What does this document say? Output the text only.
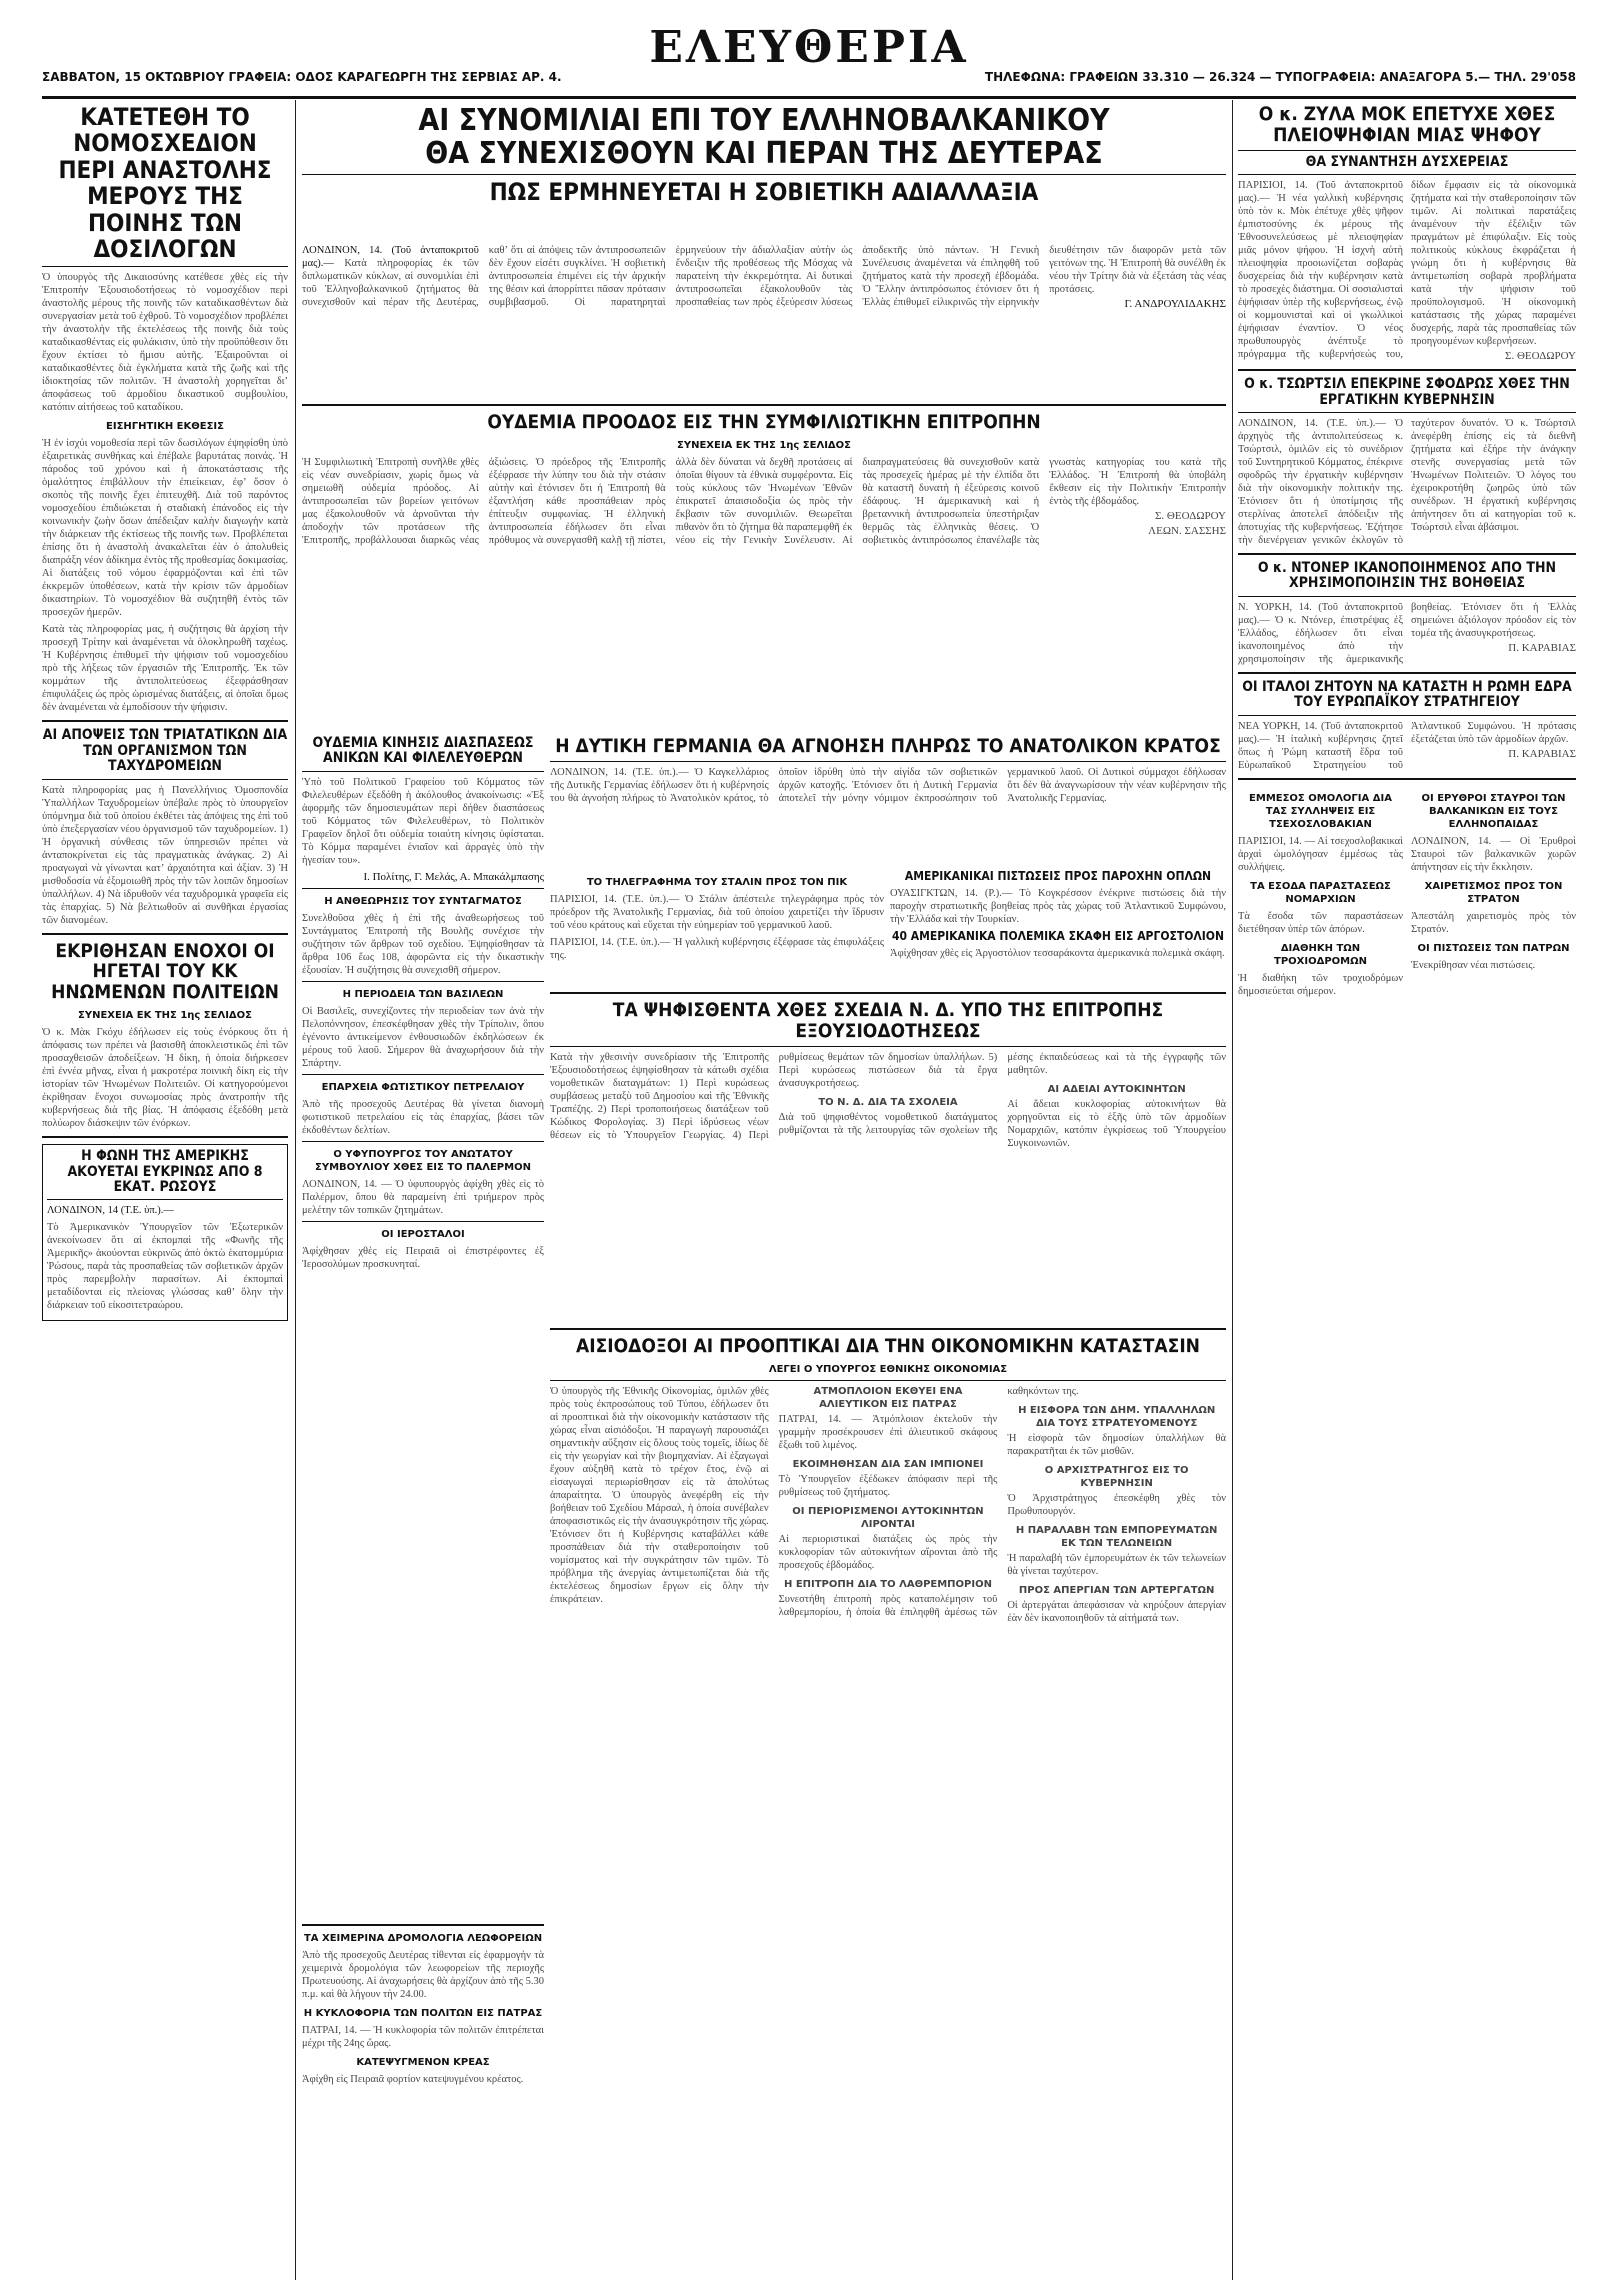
ΕΛΕΥΘΕΡΙΑ
ΣΑΒΒΑΤΟΝ, 15 ΟΚΤΩΒΡΙΟΥ ΓΡΑΦΕΙΑ: ΟΔΟΣ ΚΑΡΑΓΕΩΡΓΗ ΤΗΣ ΣΕΡΒΙΑΣ ΑΡ. 4.	ΤΗΛΕΦΩΝΑ: ΓΡΑΦΕΙΩΝ 33.310 — 26.324 — ΤΥΠΟΓΡΑΦΕΙΑ: ΑΝΑΞΑΓΟΡΑ 5.— ΤΗΛ. 29'058
ΚΑΤΕΤΕΘΗ ΤΟ ΝΟΜΟΣΧΕΔΙΟΝ ΠΕΡΙ ΑΝΑΣΤΟΛΗΣ ΜΕΡΟΥΣ ΤΗΣ ΠΟΙΝΗΣ ΤΩΝ ΔΟΣΙΛΟΓΩΝ
Ὁ ὑπουργὸς τῆς Δικαιοσύνης κατέθεσε χθὲς εἰς τὴν Ἐπιτροπὴν Ἐξουσιοδοτήσεως τὸ νομοσχέδιον περὶ ἀναστολῆς μέρους τῆς ποινῆς τῶν καταδικασθέντων διὰ συνεργασίαν μετὰ τοῦ ἐχθροῦ. Τὸ νομοσχέδιον προβλέπει τὴν ἀναστολὴν τῆς ἐκτελέσεως τῆς ποινῆς διὰ τοὺς καταδικασθέντας εἰς φυλάκισιν, ὑπὸ τὴν προϋπόθεσιν ὅτι ἔχουν ἐκτίσει τὸ ἥμισυ αὐτῆς. Ἐξαιροῦνται οἱ καταδικασθέντες διὰ ἐγκλήματα κατὰ τῆς ζωῆς καὶ τῆς ἰδιοκτησίας τῶν πολιτῶν. Ἡ ἀναστολὴ χορηγεῖται δι’ ἀποφάσεως τοῦ ἁρμοδίου δικαστικοῦ συμβουλίου, κατόπιν αἰτήσεως τοῦ καταδίκου.
ΕΙΣΗΓΗΤΙΚΗ ΕΚΘΕΣΙΣ
Ἡ ἐν ἰσχύι νομοθεσία περὶ τῶν δωσιλόγων ἐψηφίσθη ὑπὸ ἐξαιρετικὰς συνθήκας καὶ ἐπέβαλε βαρυτάτας ποινάς. Ἡ πάροδος τοῦ χρόνου καὶ ἡ ἀποκατάστασις τῆς ὁμαλότητος ἐπιβάλλουν τὴν ἐπιείκειαν, ἐφ’ ὅσον ὁ σκοπὸς τῆς ποινῆς ἔχει ἐπιτευχθῆ. Διὰ τοῦ παρόντος νομοσχεδίου ἐπιδιώκεται ἡ σταδιακὴ ἐπάνοδος εἰς τὴν κοινωνικὴν ζωὴν ὅσων ἀπέδειξαν καλὴν διαγωγὴν κατὰ τὴν διάρκειαν τῆς ἐκτίσεως τῆς ποινῆς των. Προβλέπεται ἐπίσης ὅτι ἡ ἀναστολὴ ἀνακαλεῖται ἐὰν ὁ ἀπολυθεὶς διαπράξη νέον ἀδίκημα ἐντὸς τῆς προθεσμίας δοκιμασίας. Αἱ διατάξεις τοῦ νόμου ἐφαρμόζονται καὶ ἐπὶ τῶν ἐκκρεμῶν ὑποθέσεων, κατὰ τὴν κρίσιν τῶν ἁρμοδίων δικαστηρίων. Τὸ νομοσχέδιον θὰ συζητηθῆ ἐντὸς τῶν προσεχῶν ἡμερῶν.
Κατὰ τὰς πληροφορίας μας, ἡ συζήτησις θὰ ἀρχίση τὴν προσεχῆ Τρίτην καὶ ἀναμένεται νὰ ὁλοκληρωθῆ ταχέως. Ἡ Κυβέρνησις ἐπιθυμεῖ τὴν ψήφισιν τοῦ νομοσχεδίου πρὸ τῆς λήξεως τῶν ἐργασιῶν τῆς Ἐπιτροπῆς. Ἐκ τῶν κομμάτων τῆς ἀντιπολιτεύσεως ἐξεφράσθησαν ἐπιφυλάξεις ὡς πρὸς ὡρισμένας διατάξεις, αἱ ὁποῖαι ὅμως δὲν ἀναμένεται νὰ ἐμποδίσουν τὴν ψήφισιν.
ΑΙ ΑΠΟΨΕΙΣ ΤΩΝ ΤΡΙΑΤΑΤΙΚΩΝ ΔΙΑ ΤΩΝ ΟΡΓΑΝΙΣΜΟΝ ΤΩΝ ΤΑΧΥΔΡΟΜΕΙΩΝ
Κατὰ πληροφορίας μας ἡ Πανελλήνιος Ὁμοσπονδία Ὑπαλλήλων Ταχυδρομείων ὑπέβαλε πρὸς τὸ ὑπουργεῖον ὑπόμνημα διὰ τοῦ ὁποίου ἐκθέτει τὰς ἀπόψεις της ἐπὶ τοῦ ὑπὸ ἐπεξεργασίαν νέου ὀργανισμοῦ τῶν ταχυδρομείων. 1) Ἡ ὀργανικὴ σύνθεσις τῶν ὑπηρεσιῶν πρέπει νὰ ἀνταποκρίνεται εἰς τὰς πραγματικὰς ἀνάγκας. 2) Αἱ προαγωγαὶ νὰ γίνωνται κατ’ ἀρχαιότητα καὶ ἀξίαν. 3) Ἡ μισθοδοσία νὰ ἐξομοιωθῆ πρὸς τὴν τῶν λοιπῶν δημοσίων ὑπαλλήλων. 4) Νὰ ἱδρυθοῦν νέα ταχυδρομικὰ γραφεῖα εἰς τὰς ἐπαρχίας. 5) Νὰ βελτιωθοῦν αἱ συνθῆκαι ἐργασίας τῶν διανομέων.
ΕΚΡΙΘΗΣΑΝ ΕΝΟΧΟΙ ΟΙ ΗΓΕΤΑΙ ΤΟΥ ΚΚ ΗΝΩΜΕΝΩΝ ΠΟΛΙΤΕΙΩΝ
ΣΥΝΕΧΕΙΑ ΕΚ ΤΗΣ 1ης ΣΕΛΙΔΟΣ
Ὁ κ. Μὰκ Γκόχυ ἐδήλωσεν εἰς τοὺς ἐνόρκους ὅτι ἡ ἀπόφασις των πρέπει νὰ βασισθῆ ἀποκλειστικῶς ἐπὶ τῶν προσαχθεισῶν ἀποδείξεων. Ἡ δίκη, ἡ ὁποία διήρκεσεν ἐπὶ ἐννέα μῆνας, εἶναι ἡ μακροτέρα ποινικὴ δίκη εἰς τὴν ἱστορίαν τῶν Ἡνωμένων Πολιτειῶν. Οἱ κατηγορούμενοι ἐκρίθησαν ἔνοχοι συνωμοσίας πρὸς ἀνατροπὴν τῆς κυβερνήσεως διὰ τῆς βίας. Ἡ ἀπόφασις ἐξεδόθη μετὰ πολύωρον διάσκεψιν τῶν ἐνόρκων.
Η ΦΩΝΗ ΤΗΣ ΑΜΕΡΙΚΗΣ ΑΚΟΥΕΤΑΙ ΕΥΚΡΙΝΩΣ ΑΠΟ 8 ΕΚΑΤ. ΡΩΣΟΥΣ
ΛΟΝΔΙΝΟΝ, 14 (Τ.Ε. ὑπ.).—
Τὸ Ἀμερικανικὸν Ὑπουργεῖον τῶν Ἐξωτερικῶν ἀνεκοίνωσεν ὅτι αἱ ἐκπομπαὶ τῆς «Φωνῆς τῆς Ἀμερικῆς» ἀκούονται εὐκρινῶς ἀπὸ ὀκτὼ ἑκατομμύρια Ῥώσους, παρὰ τὰς προσπαθείας τῶν σοβιετικῶν ἀρχῶν πρὸς παρεμβολὴν παρασίτων. Αἱ ἐκπομπαὶ μεταδίδονται εἰς πλείονας γλώσσας καθ’ ὅλην τὴν διάρκειαν τοῦ εἰκοσιτετραώρου.
ΑΙ ΣΥΝΟΜΙΛΙΑΙ ΕΠΙ ΤΟΥ ΕΛΛΗΝΟΒΑΛΚΑΝΙΚΟΥ
ΘΑ ΣΥΝΕΧΙΣΘΟΥΝ ΚΑΙ ΠΕΡΑΝ ΤΗΣ ΔΕΥΤΕΡΑΣ
ΠΩΣ ΕΡΜΗΝΕΥΕΤΑΙ Η ΣΟΒΙΕΤΙΚΗ ΑΔΙΑΛΛΑΞΙΑ
ΛΟΝΔΙΝΟΝ, 14. (Τοῦ ἀνταποκριτοῦ μας).— Κατὰ πληροφορίας ἐκ τῶν διπλωματικῶν κύκλων, αἱ συνομιλίαι ἐπὶ τοῦ Ἑλληνοβαλκανικοῦ ζητήματος θὰ συνεχισθοῦν καὶ πέραν τῆς Δευτέρας, καθ’ ὅτι αἱ ἀπόψεις τῶν ἀντιπροσωπειῶν δὲν ἔχουν εἰσέτι συγκλίνει. Ἡ σοβιετικὴ ἀντιπροσωπεία ἐπιμένει εἰς τὴν ἀρχικήν της θέσιν καὶ ἀπορρίπτει πᾶσαν πρότασιν συμβιβασμοῦ. Οἱ παρατηρηταὶ ἑρμηνεύουν τὴν ἀδιαλλαξίαν αὐτὴν ὡς ἔνδειξιν τῆς προθέσεως τῆς Μόσχας νὰ παρατείνη τὴν ἐκκρεμότητα. Αἱ δυτικαὶ ἀντιπροσωπεῖαι ἐξακολουθοῦν τὰς προσπαθείας των πρὸς ἐξεύρεσιν λύσεως ἀποδεκτῆς ὑπὸ πάντων. Ἡ Γενικὴ Συνέλευσις ἀναμένεται νὰ ἐπιληφθῆ τοῦ ζητήματος κατὰ τὴν προσεχῆ ἑβδομάδα. Ὁ Ἕλλην ἀντιπρόσωπος ἐτόνισεν ὅτι ἡ Ἑλλὰς ἐπιθυμεῖ εἰλικρινῶς τὴν εἰρηνικὴν διευθέτησιν τῶν διαφορῶν μετὰ τῶν γειτόνων της. Ἡ Ἐπιτροπὴ θὰ συνέλθη ἐκ νέου τὴν Τρίτην διὰ νὰ ἐξετάση τὰς νέας προτάσεις.
Γ. ΑΝΔΡΟΥΛΙΔΑΚΗΣ
ΟΥΔΕΜΙΑ ΠΡΟΟΔΟΣ ΕΙΣ ΤΗΝ ΣΥΜΦΙΛΙΩΤΙΚΗΝ ΕΠΙΤΡΟΠΗΝ
ΣΥΝΕΧΕΙΑ ΕΚ ΤΗΣ 1ης ΣΕΛΙΔΟΣ
Ἡ Συμφιλιωτικὴ Ἐπιτροπὴ συνῆλθε χθὲς εἰς νέαν συνεδρίασιν, χωρὶς ὅμως νὰ σημειωθῆ οὐδεμία πρόοδος. Αἱ ἀντιπροσωπεῖαι τῶν βορείων γειτόνων μας ἐξακολουθοῦν νὰ ἀρνοῦνται τὴν ἀποδοχὴν τῶν προτάσεων τῆς Ἐπιτροπῆς, προβάλλουσαι διαρκῶς νέας ἀξιώσεις. Ὁ πρόεδρος τῆς Ἐπιτροπῆς ἐξέφρασε τὴν λύπην του διὰ τὴν στάσιν αὐτὴν καὶ ἐτόνισεν ὅτι ἡ Ἐπιτροπὴ θὰ ἐξαντλήση κάθε προσπάθειαν πρὸς ἐπίτευξιν συμφωνίας. Ἡ ἑλληνικὴ ἀντιπροσωπεία ἐδήλωσεν ὅτι εἶναι πρόθυμος νὰ συνεργασθῆ καλῇ τῇ πίστει, ἀλλὰ δὲν δύναται νὰ δεχθῆ προτάσεις αἱ ὁποῖαι θίγουν τὰ ἐθνικὰ συμφέροντα. Εἰς τοὺς κύκλους τῶν Ἡνωμένων Ἐθνῶν ἐπικρατεῖ ἀπαισιοδοξία ὡς πρὸς τὴν ἔκβασιν τῶν συνομιλιῶν. Θεωρεῖται πιθανὸν ὅτι τὸ ζήτημα θὰ παραπεμφθῆ ἐκ νέου εἰς τὴν Γενικὴν Συνέλευσιν. Αἱ διαπραγματεύσεις θὰ συνεχισθοῦν κατὰ τὰς προσεχεῖς ἡμέρας μὲ τὴν ἐλπίδα ὅτι θὰ καταστῆ δυνατὴ ἡ ἐξεύρεσις κοινοῦ ἐδάφους. Ἡ ἀμερικανικὴ καὶ ἡ βρεταννικὴ ἀντιπροσωπεία ὑπεστήριξαν θερμῶς τὰς ἑλληνικὰς θέσεις. Ὁ σοβιετικὸς ἀντιπρόσωπος ἐπανέλαβε τὰς γνωστὰς κατηγορίας του κατὰ τῆς Ἑλλάδος. Ἡ Ἐπιτροπὴ θὰ ὑποβάλη ἔκθεσιν εἰς τὴν Πολιτικὴν Ἐπιτροπὴν ἐντὸς τῆς ἑβδομάδος.
Σ. ΘΕΟΔΩΡΟΥ
ΛΕΩΝ. ΣΑΣΣΗΣ
ΟΥΔΕΜΙΑ ΚΙΝΗΣΙΣ ΔΙΑΣΠΑΣΕΩΣ ΑΝΙΚΩΝ ΚΑΙ ΦΙΛΕΛΕΥΘΕΡΩΝ
Ὑπὸ τοῦ Πολιτικοῦ Γραφείου τοῦ Κόμματος τῶν Φιλελευθέρων ἐξεδόθη ἡ ἀκόλουθος ἀνακοίνωσις: «Ἐξ ἀφορμῆς τῶν δημοσιευμάτων περὶ δήθεν διασπάσεως τοῦ Κόμματος τῶν Φιλελευθέρων, τὸ Πολιτικὸν Γραφεῖον δηλοῖ ὅτι οὐδεμία τοιαύτη κίνησις ὑφίσταται. Τὸ Κόμμα παραμένει ἑνιαῖον καὶ ἀρραγὲς ὑπὸ τὴν ἡγεσίαν του».
I. Πολίτης, Γ. Μελάς, Α. Μπακάλμπασης
Η ΑΝΘΕΩΡΗΣΙΣ ΤΟΥ ΣΥΝΤΑΓΜΑΤΟΣ
Συνελθοῦσα χθὲς ἡ ἐπὶ τῆς ἀναθεωρήσεως τοῦ Συντάγματος Ἐπιτροπὴ τῆς Βουλῆς συνέχισε τὴν συζήτησιν τῶν ἄρθρων τοῦ σχεδίου. Ἐψηφίσθησαν τὰ ἄρθρα 106 ἕως 108, ἀφορῶντα εἰς τὴν δικαστικὴν ἐξουσίαν. Ἡ συζήτησις θὰ συνεχισθῆ σήμερον.
Η ΠΕΡΙΟΔΕΙΑ ΤΩΝ ΒΑΣΙΛΕΩΝ
Οἱ Βασιλεῖς, συνεχίζοντες τὴν περιοδείαν των ἀνὰ τὴν Πελοπόννησον, ἐπεσκέφθησαν χθὲς τὴν Τρίπολιν, ὅπου ἐγένοντο ἀντικείμενον ἐνθουσιωδῶν ἐκδηλώσεων ἐκ μέρους τοῦ λαοῦ. Σήμερον θὰ ἀναχωρήσουν διὰ τὴν Σπάρτην.
ΕΠΑΡΧΕΙΑ ΦΩΤΙΣΤΙΚΟΥ ΠΕΤΡΕΛΑΙΟΥ
Ἀπὸ τῆς προσεχοῦς Δευτέρας θὰ γίνεται διανομὴ φωτιστικοῦ πετρελαίου εἰς τὰς ἐπαρχίας, βάσει τῶν ἐκδοθέντων δελτίων.
Ο ΥΦΥΠΟΥΡΓΟΣ ΤΟΥ ΑΝΩΤΑΤΟΥ ΣΥΜΒΟΥΛΙΟΥ ΧΘΕΣ ΕΙΣ ΤΟ ΠΑΛΕΡΜΟΝ
ΛΟΝΔΙΝΟΝ, 14. — Ὁ ὑφυπουργὸς ἀφίχθη χθὲς εἰς τὸ Παλέρμον, ὅπου θὰ παραμείνη ἐπὶ τριήμερον πρὸς μελέτην τῶν τοπικῶν ζητημάτων.
ΟΙ ΙΕΡΟΣΤΑΛΟΙ
Ἀφίχθησαν χθὲς εἰς Πειραιᾶ οἱ ἐπιστρέφοντες ἐξ Ἱεροσολύμων προσκυνηταί.
Η ΔΥΤΙΚΗ ΓΕΡΜΑΝΙΑ ΘΑ ΑΓΝΟΗΣΗ ΠΛΗΡΩΣ ΤΟ ΑΝΑΤΟΛΙΚΟΝ ΚΡΑΤΟΣ
ΛΟΝΔΙΝΟΝ, 14. (Τ.Ε. ὑπ.).— Ὁ Καγκελλάριος τῆς Δυτικῆς Γερμανίας ἐδήλωσεν ὅτι ἡ κυβέρνησίς του θὰ ἀγνοήση πλήρως τὸ Ἀνατολικὸν κράτος, τὸ ὁποῖον ἱδρύθη ὑπὸ τὴν αἰγίδα τῶν σοβιετικῶν ἀρχῶν κατοχῆς. Ἐτόνισεν ὅτι ἡ Δυτικὴ Γερμανία ἀποτελεῖ τὴν μόνην νόμιμον ἐκπροσώπησιν τοῦ γερμανικοῦ λαοῦ. Οἱ Δυτικοὶ σύμμαχοι ἐδήλωσαν ὅτι δὲν θὰ ἀναγνωρίσουν τὴν νέαν κυβέρνησιν τῆς Ἀνατολικῆς Γερμανίας.
ΤΟ ΤΗΛΕΓΡΑΦΗΜΑ ΤΟΥ ΣΤΑΛΙΝ ΠΡΟΣ ΤΟΝ ΠΙΚ
ΠΑΡΙΣΙΟΙ, 14. (Τ.Ε. ὑπ.).— Ὁ Στάλιν ἀπέστειλε τηλεγράφημα πρὸς τὸν πρόεδρον τῆς Ἀνατολικῆς Γερμανίας, διὰ τοῦ ὁποίου χαιρετίζει τὴν ἵδρυσιν τοῦ νέου κράτους καὶ εὔχεται τὴν εὐημερίαν τοῦ γερμανικοῦ λαοῦ.
ΠΑΡΙΣΙΟΙ, 14. (Τ.Ε. ὑπ.).— Ἡ γαλλικὴ κυβέρνησις ἐξέφρασε τὰς ἐπιφυλάξεις της.
ΑΜΕΡΙΚΑΝΙΚΑΙ ΠΙΣΤΩΣΕΙΣ ΠΡΟΣ ΠΑΡΟΧΗΝ ΟΠΛΩΝ
ΟΥΑΣΙΓΚΤΩΝ, 14. (Ρ.).— Τὸ Κογκρέσσον ἐνέκρινε πιστώσεις διὰ τὴν παροχὴν στρατιωτικῆς βοηθείας πρὸς τὰς χώρας τοῦ Ἀτλαντικοῦ Συμφώνου, τὴν Ἑλλάδα καὶ τὴν Τουρκίαν.
40 ΑΜΕΡΙΚΑΝΙΚΑ ΠΟΛΕΜΙΚΑ ΣΚΑΦΗ ΕΙΣ ΑΡΓΟΣΤΟΛΙΟΝ
Ἀφίχθησαν χθὲς εἰς Ἀργοστόλιον τεσσαράκοντα ἀμερικανικὰ πολεμικὰ σκάφη.
ΤΑ ΨΗΦΙΣΘΕΝΤΑ ΧΘΕΣ ΣΧΕΔΙΑ Ν. Δ. ΥΠΟ ΤΗΣ ΕΠΙΤΡΟΠΗΣ ΕΞΟΥΣΙΟΔΟΤΗΣΕΩΣ
Κατὰ τὴν χθεσινὴν συνεδρίασιν τῆς Ἐπιτροπῆς Ἐξουσιοδοτήσεως ἐψηφίσθησαν τὰ κάτωθι σχέδια νομοθετικῶν διαταγμάτων: 1) Περὶ κυρώσεως συμβάσεως μεταξὺ τοῦ Δημοσίου καὶ τῆς Ἐθνικῆς Τραπέζης. 2) Περὶ τροποποιήσεως διατάξεων τοῦ Κώδικος Φορολογίας. 3) Περὶ ἱδρύσεως νέων θέσεων εἰς τὸ Ὑπουργεῖον Γεωργίας. 4) Περὶ ρυθμίσεως θεμάτων τῶν δημοσίων ὑπαλλήλων. 5) Περὶ κυρώσεως πιστώσεων διὰ τὰ ἔργα ἀνασυγκροτήσεως.
ΤΟ Ν. Δ. ΔΙΑ ΤΑ ΣΧΟΛΕΙΑ
Διὰ τοῦ ψηφισθέντος νομοθετικοῦ διατάγματος ρυθμίζονται τὰ τῆς λειτουργίας τῶν σχολείων τῆς μέσης ἐκπαιδεύσεως καὶ τὰ τῆς ἐγγραφῆς τῶν μαθητῶν.
ΑΙ ΑΔΕΙΑΙ ΑΥΤΟΚΙΝΗΤΩΝ
Αἱ ἄδειαι κυκλοφορίας αὐτοκινήτων θὰ χορηγοῦνται εἰς τὸ ἑξῆς ὑπὸ τῶν ἁρμοδίων Νομαρχιῶν, κατόπιν ἐγκρίσεως τοῦ Ὑπουργείου Συγκοινωνιῶν.
ΑΙΣΙΟΔΟΞΟΙ ΑΙ ΠΡΟΟΠΤΙΚΑΙ ΔΙΑ ΤΗΝ ΟΙΚΟΝΟΜΙΚΗΝ ΚΑΤΑΣΤΑΣΙΝ
ΛΕΓΕΙ Ο ΥΠΟΥΡΓΟΣ ΕΘΝΙΚΗΣ ΟΙΚΟΝΟΜΙΑΣ
Ὁ ὑπουργὸς τῆς Ἐθνικῆς Οἰκονομίας, ὁμιλῶν χθὲς πρὸς τοὺς ἐκπροσώπους τοῦ Τύπου, ἐδήλωσεν ὅτι αἱ προοπτικαὶ διὰ τὴν οἰκονομικὴν κατάστασιν τῆς χώρας εἶναι αἰσιόδοξοι. Ἡ παραγωγὴ παρουσιάζει σημαντικὴν αὔξησιν εἰς ὅλους τοὺς τομεῖς, ἰδίως δὲ εἰς τὴν γεωργίαν καὶ τὴν βιομηχανίαν. Αἱ ἐξαγωγαὶ ἔχουν αὐξηθῆ κατὰ τὸ τρέχον ἔτος, ἐνῷ αἱ εἰσαγωγαὶ περιωρίσθησαν εἰς τὰ ἀπολύτως ἀπαραίτητα. Ὁ ὑπουργὸς ἀνεφέρθη εἰς τὴν βοήθειαν τοῦ Σχεδίου Μάρσαλ, ἡ ὁποία συνέβαλεν ἀποφασιστικῶς εἰς τὴν ἀνασυγκρότησιν τῆς χώρας. Ἐτόνισεν ὅτι ἡ Κυβέρνησις καταβάλλει κάθε προσπάθειαν διὰ τὴν σταθεροποίησιν τοῦ νομίσματος καὶ τὴν συγκράτησιν τῶν τιμῶν. Τὸ πρόβλημα τῆς ἀνεργίας ἀντιμετωπίζεται διὰ τῆς ἐκτελέσεως δημοσίων ἔργων εἰς ὅλην τὴν ἐπικράτειαν.
ΑΤΜΟΠΛΟΙΟΝ ΕΚΘΥΕΙ ΕΝΑ ΑΛΙΕΥΤΙΚΟΝ ΕΙΣ ΠΑΤΡΑΣ
ΠΑΤΡΑΙ, 14. — Ἀτμόπλοιον ἐκτελοῦν τὴν γραμμὴν προσέκρουσεν ἐπὶ ἁλιευτικοῦ σκάφους ἔξωθι τοῦ λιμένος.
ΕΚΟΙΜΗΘΗΣΑΝ ΔΙΑ ΣΑΝ ΙΜΠΙΟΝΕΙ
Τὸ Ὑπουργεῖον ἐξέδωκεν ἀπόφασιν περὶ τῆς ρυθμίσεως τοῦ ζητήματος.
ΟΙ ΠΕΡΙΟΡΙΣΜΕΝΟΙ ΑΥΤΟΚΙΝΗΤΩΝ ΛΙΡΟΝΤΑΙ
Αἱ περιοριστικαὶ διατάξεις ὡς πρὸς τὴν κυκλοφορίαν τῶν αὐτοκινήτων αἴρονται ἀπὸ τῆς προσεχοῦς ἑβδομάδος.
Η ΕΠΙΤΡΟΠΗ ΔΙΑ ΤΟ ΛΑΘΡΕΜΠΟΡΙΟΝ
Συνεστήθη ἐπιτροπὴ πρὸς καταπολέμησιν τοῦ λαθρεμπορίου, ἡ ὁποία θὰ ἐπιληφθῆ ἀμέσως τῶν καθηκόντων της.
Η ΕΙΣΦΟΡΑ ΤΩΝ ΔΗΜ. ΥΠΑΛΛΗΛΩΝ ΔΙΑ ΤΟΥΣ ΣΤΡΑΤΕΥΟΜΕΝΟΥΣ
Ἡ εἰσφορὰ τῶν δημοσίων ὑπαλλήλων θὰ παρακρατῆται ἐκ τῶν μισθῶν.
Ο ΑΡΧΙΣΤΡΑΤΗΓΟΣ ΕΙΣ ΤΟ ΚΥΒΕΡΝΗΣΙΝ
Ὁ Ἀρχιστράτηγος ἐπεσκέφθη χθὲς τὸν Πρωθυπουργόν.
Η ΠΑΡΑΛΑΒΗ ΤΩΝ ΕΜΠΟΡΕΥΜΑΤΩΝ ΕΚ ΤΩΝ ΤΕΛΩΝΕΙΩΝ
Ἡ παραλαβὴ τῶν ἐμπορευμάτων ἐκ τῶν τελωνείων θὰ γίνεται ταχύτερον.
ΠΡΟΣ ΑΠΕΡΓΙΑΝ ΤΩΝ ΑΡΤΕΡΓΑΤΩΝ
Οἱ ἀρτεργάται ἀπεφάσισαν νὰ κηρύξουν ἀπεργίαν ἐὰν δὲν ἱκανοποιηθοῦν τὰ αἰτήματά των.
ΤΑ ΧΕΙΜΕΡΙΝΑ ΔΡΟΜΟΛΟΓΙΑ ΛΕΩΦΟΡΕΙΩΝ
Ἀπὸ τῆς προσεχοῦς Δευτέρας τίθενται εἰς ἐφαρμογὴν τὰ χειμερινὰ δρομολόγια τῶν λεωφορείων τῆς περιοχῆς Πρωτευούσης. Αἱ ἀναχωρήσεις θὰ ἀρχίζουν ἀπὸ τῆς 5.30 π.μ. καὶ θὰ λήγουν τὴν 24.00.
Η ΚΥΚΛΟΦΟΡΙΑ ΤΩΝ ΠΟΛΙΤΩΝ ΕΙΣ ΠΑΤΡΑΣ
ΠΑΤΡΑΙ, 14. — Ἡ κυκλοφορία τῶν πολιτῶν ἐπιτρέπεται μέχρι τῆς 24ης ὥρας.
ΚΑΤΕΨΥΓΜΕΝΟΝ ΚΡΕΑΣ
Ἀφίχθη εἰς Πειραιᾶ φορτίον κατεψυγμένου κρέατος.
Ο κ. ΖΥΛΑ ΜΟΚ ΕΠΕΤΥΧΕ ΧΘΕΣ ΠΛΕΙΟΨΗΦΙΑΝ ΜΙΑΣ ΨΗΦΟΥ
ΘΑ ΣΥΝΑΝΤΗΣΗ ΔΥΣΧΕΡΕΙΑΣ
ΠΑΡΙΣΙΟΙ, 14. (Τοῦ ἀνταποκριτοῦ μας).— Ἡ νέα γαλλικὴ κυβέρνησις ὑπὸ τὸν κ. Μὸκ ἐπέτυχε χθὲς ψῆφον ἐμπιστοσύνης ἐκ μέρους τῆς Ἐθνοσυνελεύσεως μὲ πλειοψηφίαν μιᾶς μόνον ψήφου. Ἡ ἰσχνὴ αὐτὴ πλειοψηφία προοιωνίζεται σοβαρὰς δυσχερείας διὰ τὴν κυβέρνησιν κατὰ τὸ προσεχὲς διάστημα. Οἱ σοσιαλισταὶ ἐψήφισαν ὑπὲρ τῆς κυβερνήσεως, ἐνῷ οἱ κομμουνισταὶ καὶ οἱ γκωλλικοὶ ἐψήφισαν ἐναντίον. Ὁ νέος πρωθυπουργὸς ἀνέπτυξε τὸ πρόγραμμα τῆς κυβερνήσεώς του, δίδων ἔμφασιν εἰς τὰ οἰκονομικὰ ζητήματα καὶ τὴν σταθεροποίησιν τῶν τιμῶν. Αἱ πολιτικαὶ παρατάξεις ἀναμένουν τὴν ἐξέλιξιν τῶν πραγμάτων μὲ ἐπιφύλαξιν. Εἰς τοὺς πολιτικοὺς κύκλους ἐκφράζεται ἡ γνώμη ὅτι ἡ κυβέρνησις θὰ ἀντιμετωπίση σοβαρὰ προβλήματα κατὰ τὴν ψήφισιν τοῦ προϋπολογισμοῦ. Ἡ οἰκονομικὴ κατάστασις τῆς χώρας παραμένει δυσχερής, παρὰ τὰς προσπαθείας τῶν προηγουμένων κυβερνήσεων.
Σ. ΘΕΟΔΩΡΟΥ
Ο κ. ΤΣΩΡΤΣΙΛ ΕΠΕΚΡΙΝΕ ΣΦΟΔΡΩΣ ΧΘΕΣ ΤΗΝ ΕΡΓΑΤΙΚΗΝ ΚΥΒΕΡΝΗΣΙΝ
ΛΟΝΔΙΝΟΝ, 14. (Τ.Ε. ὑπ.).— Ὁ ἀρχηγὸς τῆς ἀντιπολιτεύσεως κ. Τσώρτσιλ, ὁμιλῶν εἰς τὸ συνέδριον τοῦ Συντηρητικοῦ Κόμματος, ἐπέκρινε σφοδρῶς τὴν ἐργατικὴν κυβέρνησιν διὰ τὴν οἰκονομικὴν πολιτικήν της. Ἐτόνισεν ὅτι ἡ ὑποτίμησις τῆς στερλίνας ἀποτελεῖ ἀπόδειξιν τῆς ἀποτυχίας τῆς κυβερνήσεως. Ἐζήτησε τὴν διενέργειαν γενικῶν ἐκλογῶν τὸ ταχύτερον δυνατόν. Ὁ κ. Τσώρτσιλ ἀνεφέρθη ἐπίσης εἰς τὰ διεθνῆ ζητήματα καὶ ἐξήρε τὴν ἀνάγκην στενῆς συνεργασίας μετὰ τῶν Ἡνωμένων Πολιτειῶν. Ὁ λόγος του ἐχειροκροτήθη ζωηρῶς ὑπὸ τῶν συνέδρων. Ἡ ἐργατικὴ κυβέρνησις ἀπήντησεν ὅτι αἱ κατηγορίαι τοῦ κ. Τσώρτσιλ εἶναι ἀβάσιμοι.
Ο κ. ΝΤΟΝΕΡ ΙΚΑΝΟΠΟΙΗΜΕΝΟΣ ΑΠΟ ΤΗΝ ΧΡΗΣΙΜΟΠΟΙΗΣΙΝ ΤΗΣ ΒΟΗΘΕΙΑΣ
Ν. ΥΟΡΚΗ, 14. (Τοῦ ἀνταποκριτοῦ μας).— Ὁ κ. Ντόνερ, ἐπιστρέψας ἐξ Ἑλλάδος, ἐδήλωσεν ὅτι εἶναι ἱκανοποιημένος ἀπὸ τὴν χρησιμοποίησιν τῆς ἀμερικανικῆς βοηθείας. Ἐτόνισεν ὅτι ἡ Ἑλλὰς σημειώνει ἀξιόλογον πρόοδον εἰς τὸν τομέα τῆς ἀνασυγκροτήσεως.
Π. ΚΑΡΑΒΙΑΣ
ΟΙ ΙΤΑΛΟΙ ΖΗΤΟΥΝ ΝΑ ΚΑΤΑΣΤΗ Η ΡΩΜΗ ΕΔΡΑ ΤΟΥ ΕΥΡΩΠΑΪΚΟΥ ΣΤΡΑΤΗΓΕΙΟΥ
ΝΕΑ ΥΟΡΚΗ, 14. (Τοῦ ἀνταποκριτοῦ μας).— Ἡ ἰταλικὴ κυβέρνησις ζητεῖ ὅπως ἡ Ῥώμη καταστῆ ἕδρα τοῦ Εὐρωπαϊκοῦ Στρατηγείου τοῦ Ἀτλαντικοῦ Συμφώνου. Ἡ πρότασις ἐξετάζεται ὑπὸ τῶν ἁρμοδίων ἀρχῶν.
Π. ΚΑΡΑΒΙΑΣ
ΕΜΜΕΣΟΣ ΟΜΟΛΟΓΙΑ ΔΙΑ ΤΑΣ ΣΥΛΛΗΨΕΙΣ ΕΙΣ ΤΣΕΧΟΣΛΟΒΑΚΙΑΝ
ΠΑΡΙΣΙΟΙ, 14. — Αἱ τσεχοσλοβακικαὶ ἀρχαὶ ὡμολόγησαν ἐμμέσως τὰς συλλήψεις.
ΤΑ ΕΣΟΔΑ ΠΑΡΑΣΤΑΣΕΩΣ ΝΟΜΑΡΧΙΩΝ
Τὰ ἔσοδα τῶν παραστάσεων διετέθησαν ὑπὲρ τῶν ἀπόρων.
ΔΙΑΘΗΚΗ ΤΩΝ ΤΡΟΧΙΟΔΡΟΜΩΝ
Ἡ διαθήκη τῶν τροχιοδρόμων δημοσιεύεται σήμερον.
ΟΙ ΕΡΥΘΡΟΙ ΣΤΑΥΡΟΙ ΤΩΝ ΒΑΛΚΑΝΙΚΩΝ ΕΙΣ ΤΟΥΣ ΕΛΛΗΝΟΠΑΙΔΑΣ
ΛΟΝΔΙΝΟΝ, 14. — Οἱ Ἐρυθροὶ Σταυροὶ τῶν βαλκανικῶν χωρῶν ἀπήντησαν εἰς τὴν ἔκκλησιν.
ΧΑΙΡΕΤΙΣΜΟΣ ΠΡΟΣ ΤΟΝ ΣΤΡΑΤΟΝ
Ἀπεστάλη χαιρετισμὸς πρὸς τὸν Στρατόν.
ΟΙ ΠΙΣΤΩΣΕΙΣ ΤΩΝ ΠΑΤΡΩΝ
Ἐνεκρίθησαν νέαι πιστώσεις.
